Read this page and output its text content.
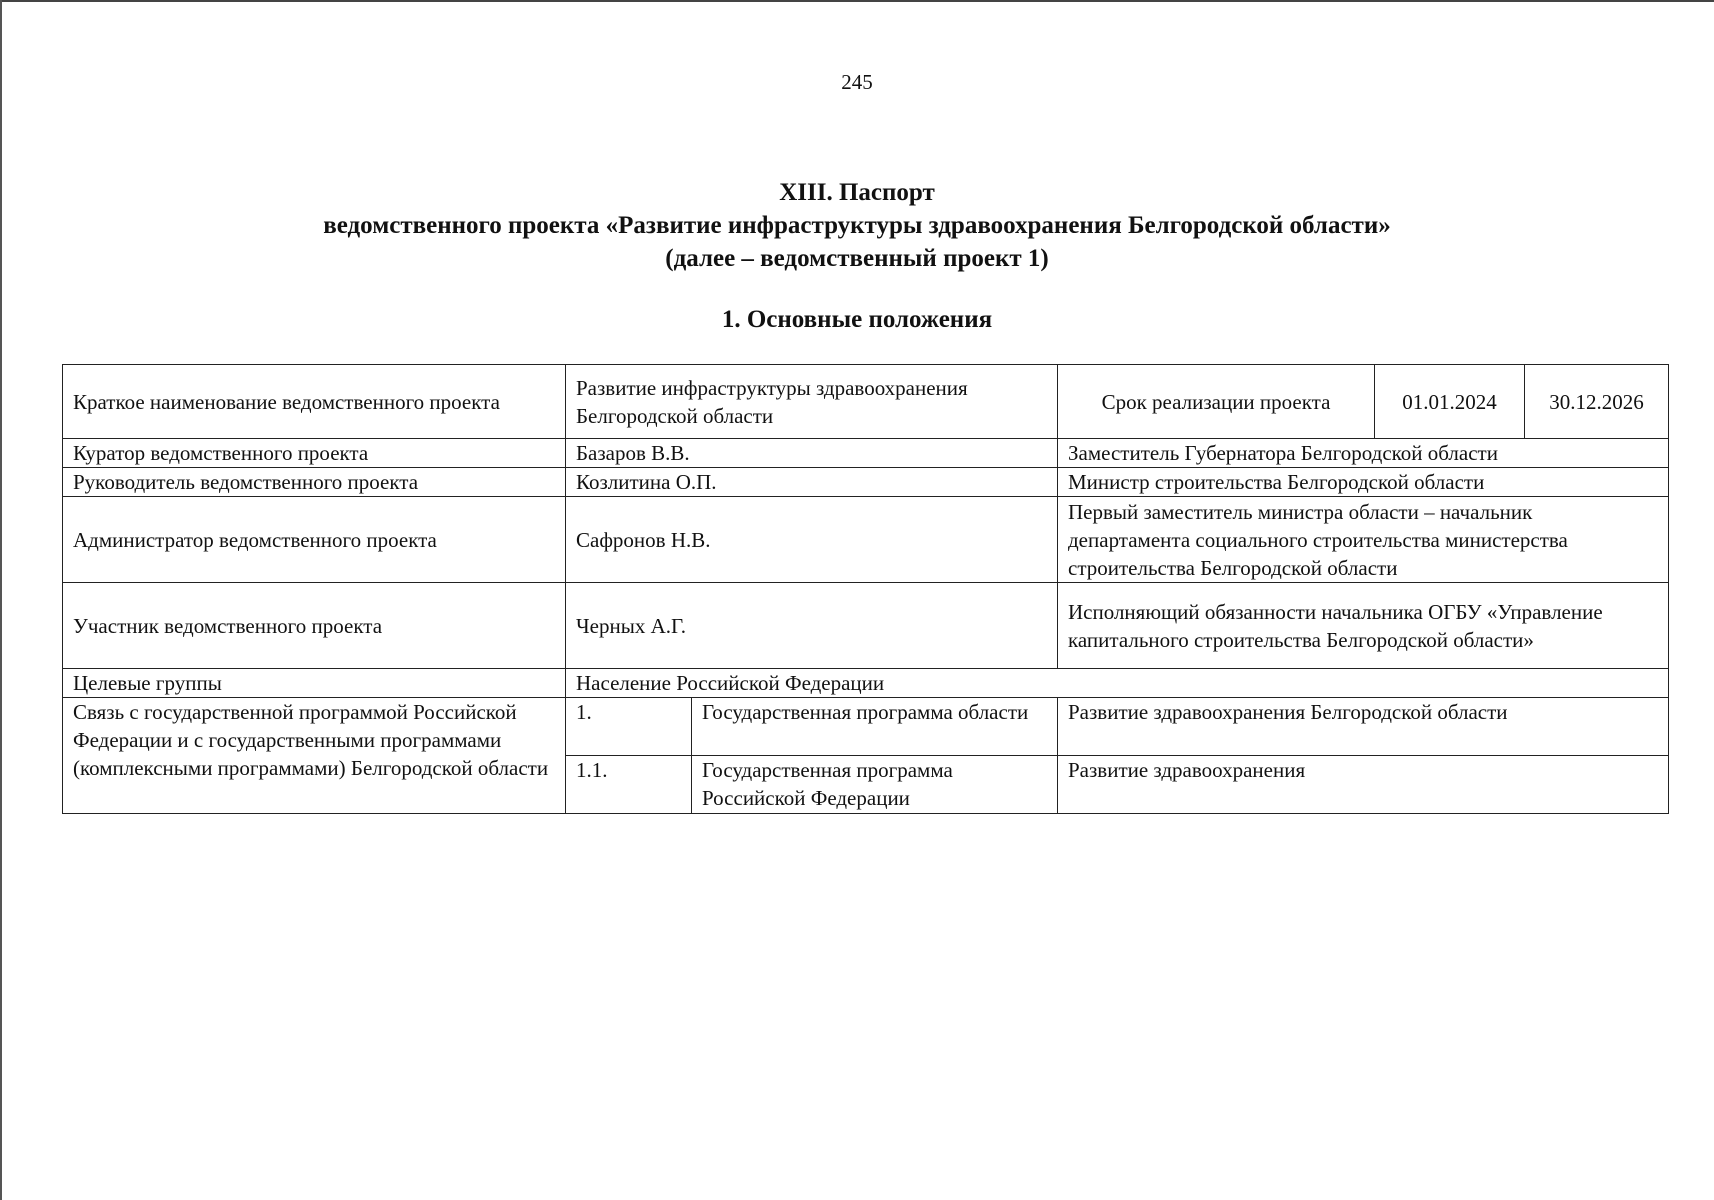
245
XIII. Паспорт
ведомственного проекта «Развитие инфраструктуры здравоохранения Белгородской области»
(далее – ведомственный проект 1)
1. Основные положения
Краткое наименование ведомственного проекта	Развитие инфраструктуры здравоохранения Белгородской области		Срок реализации проекта	01.01.2024	30.12.2026
Куратор ведомственного проекта	Базаров В.В.		Заместитель Губернатора Белгородской области		
Руководитель ведомственного проекта	Козлитина О.П.		Министр строительства Белгородской области		
Администратор ведомственного проекта	Сафронов Н.В.		Первый заместитель министра области – начальник департамента социального строительства министерства строительства Белгородской области		
Участник ведомственного проекта	Черных А.Г.		Исполняющий обязанности начальника ОГБУ «Управление капитального строительства Белгородской области»		
Целевые группы	Население Российской Федерации				
Связь с государственной программой Российской Федерации и с государственными программами (комплексными программами) Белгородской области	1.	Государственная программа области	Развитие здравоохранения Белгородской области		
	1.1.	Государственная программа Российской Федерации	Развитие здравоохранения		
